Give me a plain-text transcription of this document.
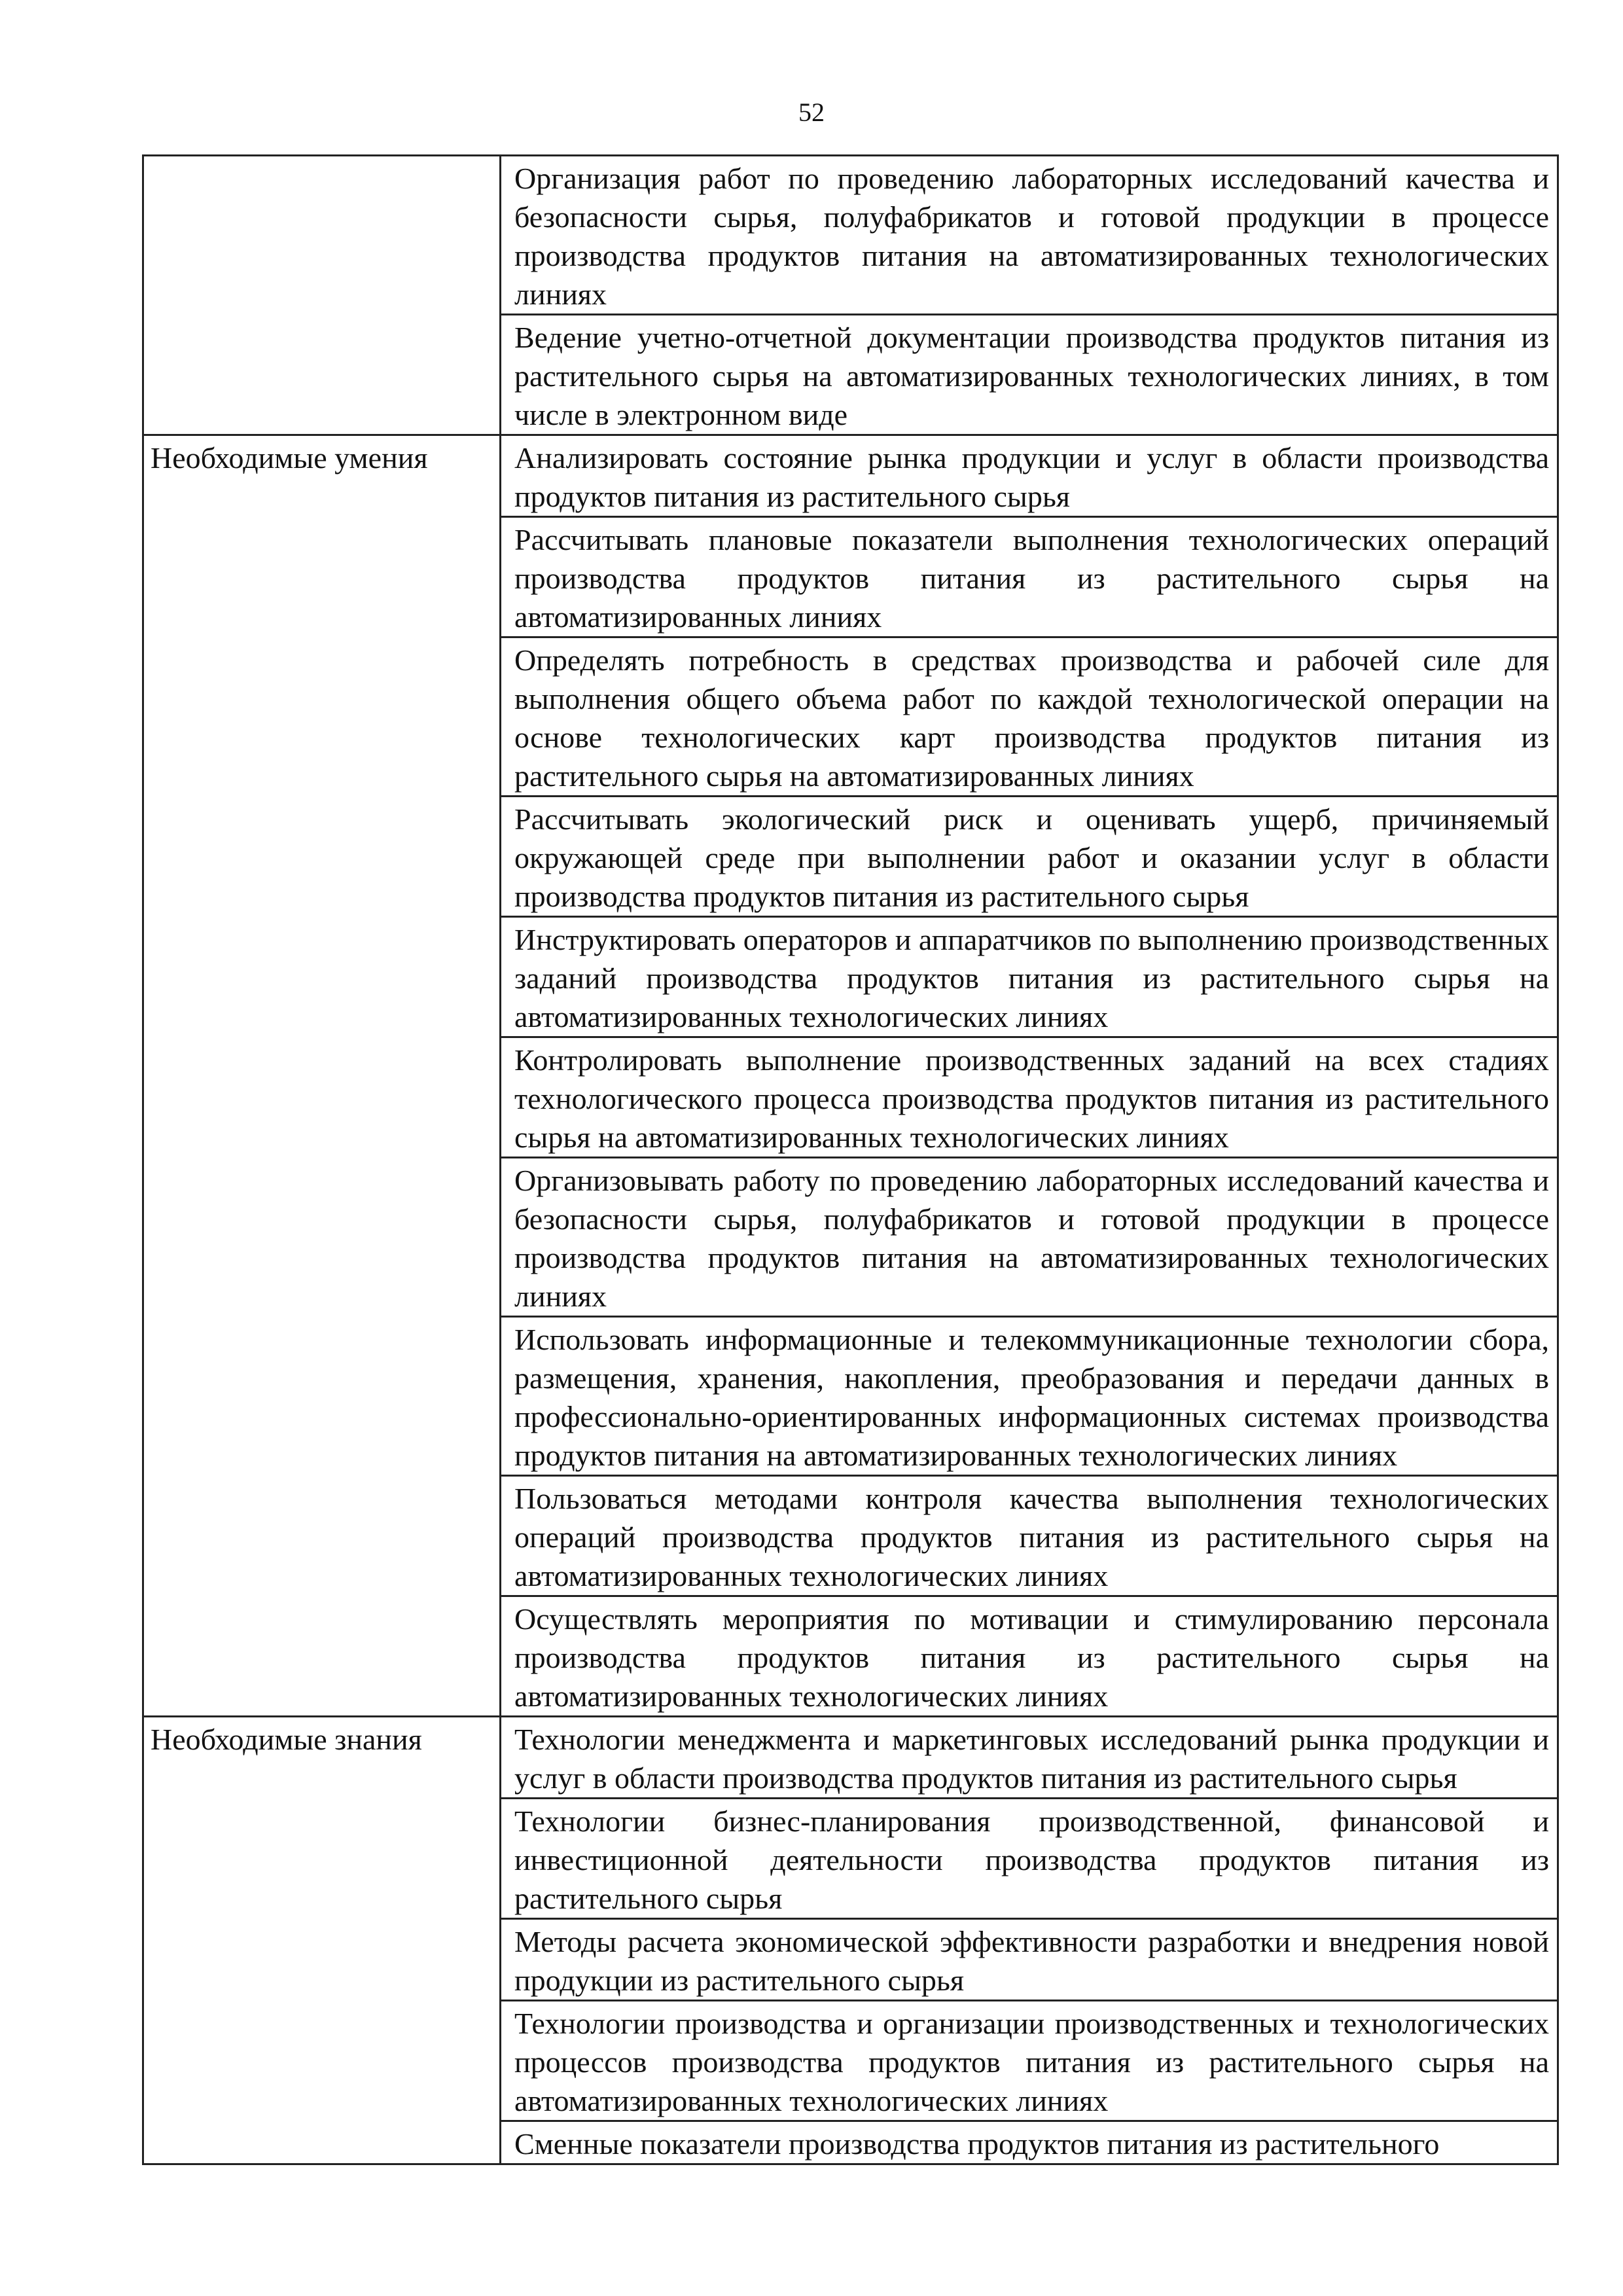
52
Организация работ по проведению лабораторных исследований качества и безопасности сырья, полуфабрикатов и готовой продукции в процессе производства продуктов питания на автоматизированных технологических линиях
Ведение учетно-отчетной документации производства продуктов питания из растительного сырья на автоматизированных технологических линиях, в том числе в электронном виде
Необходимые умения	Анализировать состояние рынка продукции и услуг в области производства продуктов питания из растительного сырья
Рассчитывать плановые показатели выполнения технологических операций производства продуктов питания из растительного сырья на автоматизированных линиях
Определять потребность в средствах производства и рабочей силе для выполнения общего объема работ по каждой технологической операции на основе технологических карт производства продуктов питания из растительного сырья на автоматизированных линиях
Рассчитывать экологический риск и оценивать ущерб, причиняемый окружающей среде при выполнении работ и оказании услуг в области производства продуктов питания из растительного сырья
Инструктировать операторов и аппаратчиков по выполнению производственных заданий производства продуктов питания из растительного сырья на автоматизированных технологических линиях
Контролировать выполнение производственных заданий на всех стадиях технологического процесса производства продуктов питания из растительного сырья на автоматизированных технологических линиях
Организовывать работу по проведению лабораторных исследований качества и безопасности сырья, полуфабрикатов и готовой продукции в процессе производства продуктов питания на автоматизированных технологических линиях
Использовать информационные и телекоммуникационные технологии сбора, размещения, хранения, накопления, преобразования и передачи данных в профессионально-ориентированных информационных системах производства продуктов питания на автоматизированных технологических линиях
Пользоваться методами контроля качества выполнения технологических операций производства продуктов питания из растительного сырья на автоматизированных технологических линиях
Осуществлять мероприятия по мотивации и стимулированию персонала производства продуктов питания из растительного сырья на автоматизированных технологических линиях
Необходимые знания	Технологии менеджмента и маркетинговых исследований рынка продукции и услуг в области производства продуктов питания из растительного сырья
Технологии бизнес-планирования производственной, финансовой и инвестиционной деятельности производства продуктов питания из растительного сырья
Методы расчета экономической эффективности разработки и внедрения новой продукции из растительного сырья
Технологии производства и организации производственных и технологических процессов производства продуктов питания из растительного сырья на автоматизированных технологических линиях
Сменные показатели производства продуктов питания из растительного
